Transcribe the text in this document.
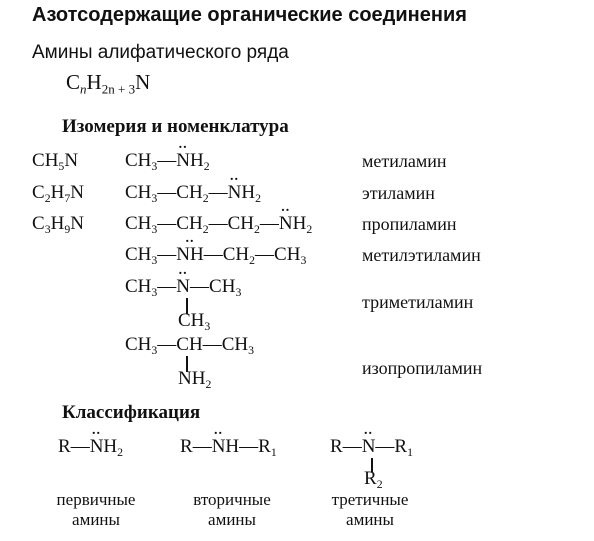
Азотсодержащие органические соединения
Амины алифатического ряда
$C_nH_{2n + 3}N$
Изомерия и номенклатура
$CH_5N$
$C_2H_7N$
$C_3H_9N$
$CH_3—$.. $NH_2$
$CH_3—CH_2—$.. $NH_2$
$CH_3—CH_2—CH_2—$.. $NH_2$
$CH_3—$.. $NH—CH_2—CH_3$
$CH_3—$.. $N—CH_3$
$CH_3$
$CH_3—CH—CH_3$
$NH_2$
метиламин
этиламин
пропиламин
метилэтиламин
триметиламин
изопропиламин
Классификация
R—.. $NH_2$	R—.. $NH—R_1$	R—.. $N—R_1$
$R_2$
первичные
амины
вторичные
амины
третичные
амины
